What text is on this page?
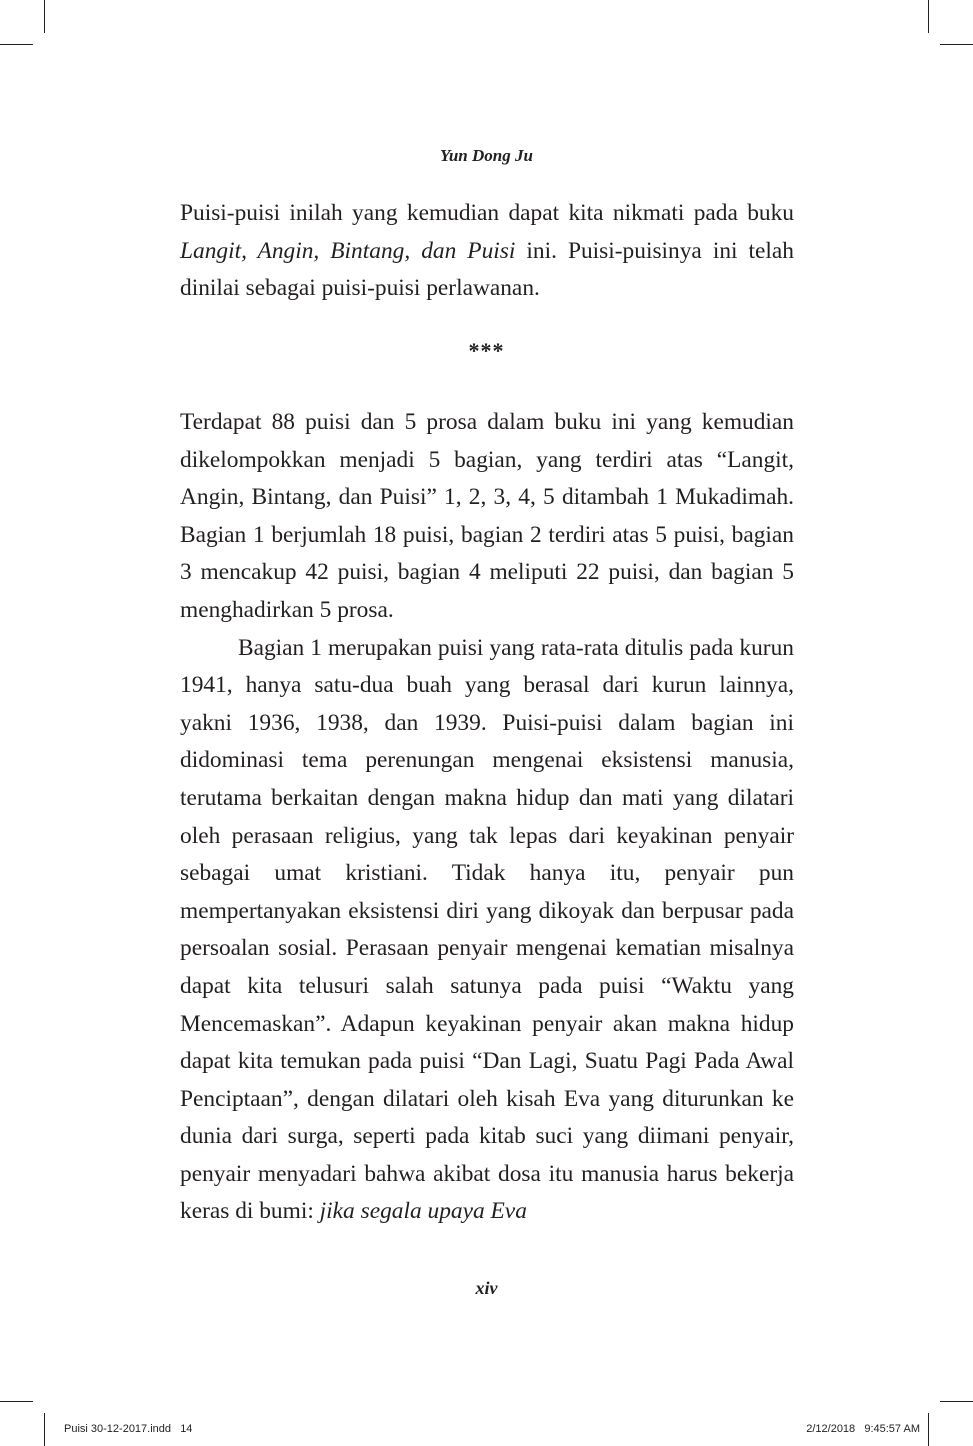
Yun Dong Ju

Puisi-puisi inilah yang kemudian dapat kita nikmati pada buku Langit, Angin, Bintang, dan Puisi ini. Puisi-puisinya ini telah dinilai sebagai puisi-puisi perlawanan.

***

Terdapat 88 puisi dan 5 prosa dalam buku ini yang kemudian dikelompokkan menjadi 5 bagian, yang terdiri atas “Langit, Angin, Bintang, dan Puisi” 1, 2, 3, 4, 5 ditambah 1 Mukadimah. Bagian 1 berjumlah 18 puisi, bagian 2 terdiri atas 5 puisi, bagian 3 mencakup 42 puisi, bagian 4 meliputi 22 puisi, dan bagian 5 menghadirkan 5 prosa.

Bagian 1 merupakan puisi yang rata-rata ditulis pada kurun 1941, hanya satu-dua buah yang berasal dari kurun lainnya, yakni 1936, 1938, dan 1939. Puisi-puisi dalam bagian ini didominasi tema perenungan mengenai eksistensi manusia, terutama berkaitan dengan makna hidup dan mati yang dilatari oleh perasaan religius, yang tak lepas dari keyakinan penyair sebagai umat kristiani. Tidak hanya itu, penyair pun mempertanyakan eksistensi diri yang dikoyak dan berpusar pada persoalan sosial. Perasaan penyair mengenai kematian misalnya dapat kita telusuri salah satunya pada puisi “Waktu yang Mencemaskan”. Adapun keyakinan penyair akan makna hidup dapat kita temukan pada puisi “Dan Lagi, Suatu Pagi Pada Awal Penciptaan”, dengan dilatari oleh kisah Eva yang diturunkan ke dunia dari surga, seperti pada kitab suci yang diimani penyair, penyair menyadari bahwa akibat dosa itu manusia harus bekerja keras di bumi: jika segala upaya Eva

xiv
Puisi 30-12-2017.indd   14	2/12/2018   9:45:57 AM
